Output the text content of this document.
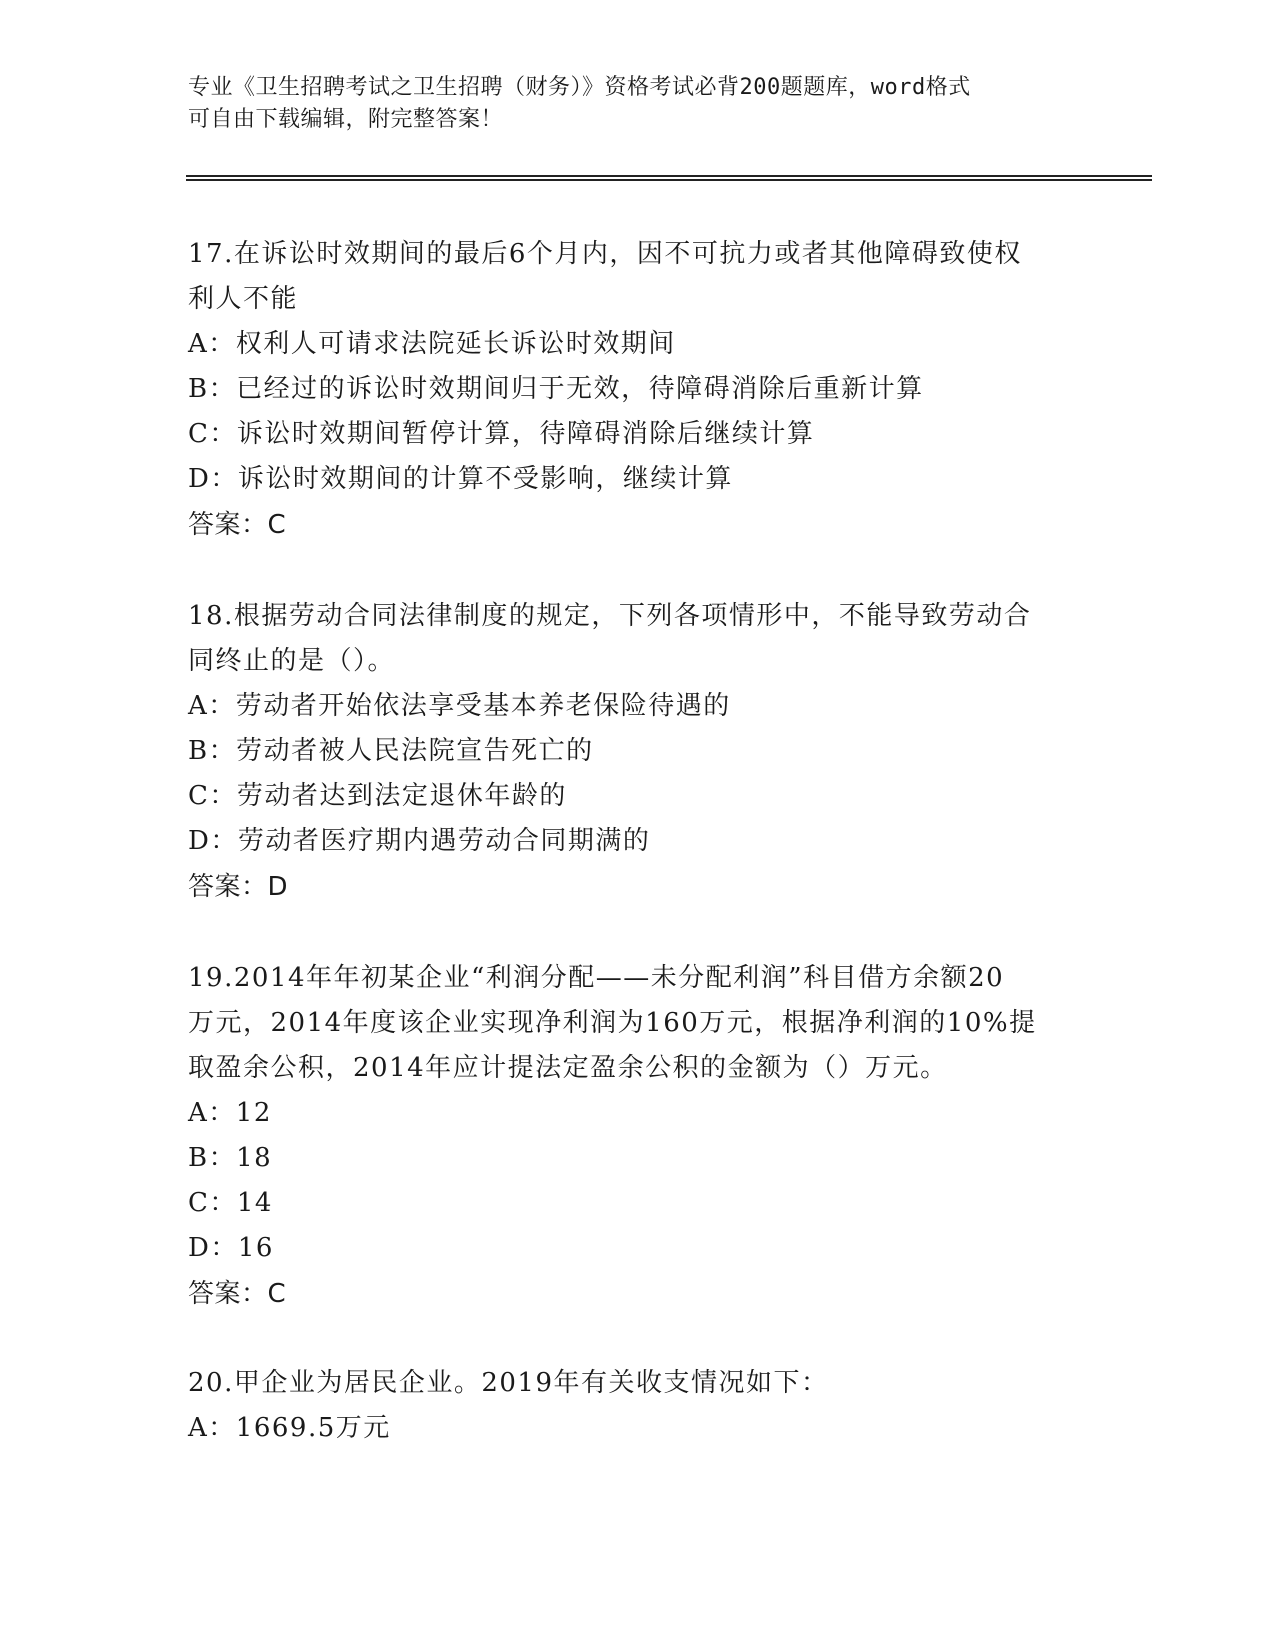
专业《卫生招聘考试之卫生招聘（财务）》资格考试必背200题题库，word格式
可自由下载编辑，附完整答案！
17.在诉讼时效期间的最后6个月内，因不可抗力或者其他障碍致使权
利人不能
A：权利人可请求法院延长诉讼时效期间
B：已经过的诉讼时效期间归于无效，待障碍消除后重新计算
C：诉讼时效期间暂停计算，待障碍消除后继续计算
D：诉讼时效期间的计算不受影响，继续计算
答案：C
18.根据劳动合同法律制度的规定，下列各项情形中，不能导致劳动合
同终止的是（）。
A：劳动者开始依法享受基本养老保险待遇的
B：劳动者被人民法院宣告死亡的
C：劳动者达到法定退休年龄的
D：劳动者医疗期内遇劳动合同期满的
答案：D
19.2014年年初某企业“利润分配——未分配利润”科目借方余额20
万元，2014年度该企业实现净利润为160万元，根据净利润的10%提
取盈余公积，2014年应计提法定盈余公积的金额为（）万元。
A：12
B：18
C：14
D：16
答案：C
20.甲企业为居民企业。2019年有关收支情况如下：
A：1669.5万元
